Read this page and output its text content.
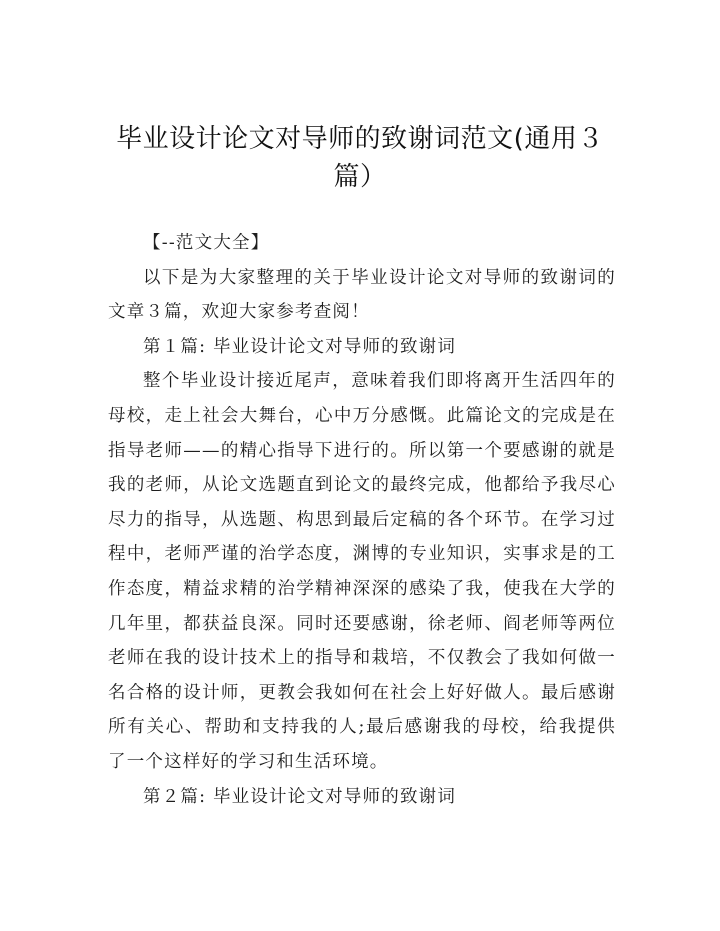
毕业设计论文对导师的致谢词范文(通用３篇）

【--范文大全】

以下是为大家整理的关于毕业设计论文对导师的致谢词的文章３篇，欢迎大家参考查阅！

第１篇: 毕业设计论文对导师的致谢词

整个毕业设计接近尾声，意味着我们即将离开生活四年的母校，走上社会大舞台，心中万分感慨。此篇论文的完成是在指导老师——的精心指导下进行的。所以第一个要感谢的就是我的老师，从论文选题直到论文的最终完成，他都给予我尽心尽力的指导，从选题、构思到最后定稿的各个环节。在学习过程中，老师严谨的治学态度，渊博的专业知识，实事求是的工作态度，精益求精的治学精神深深的感染了我，使我在大学的几年里，都获益良深。同时还要感谢，徐老师、阎老师等两位老师在我的设计技术上的指导和栽培，不仅教会了我如何做一名合格的设计师，更教会我如何在社会上好好做人。最后感谢所有关心、帮助和支持我的人;最后感谢我的母校，给我提供了一个这样好的学习和生活环境。

第２篇: 毕业设计论文对导师的致谢词
